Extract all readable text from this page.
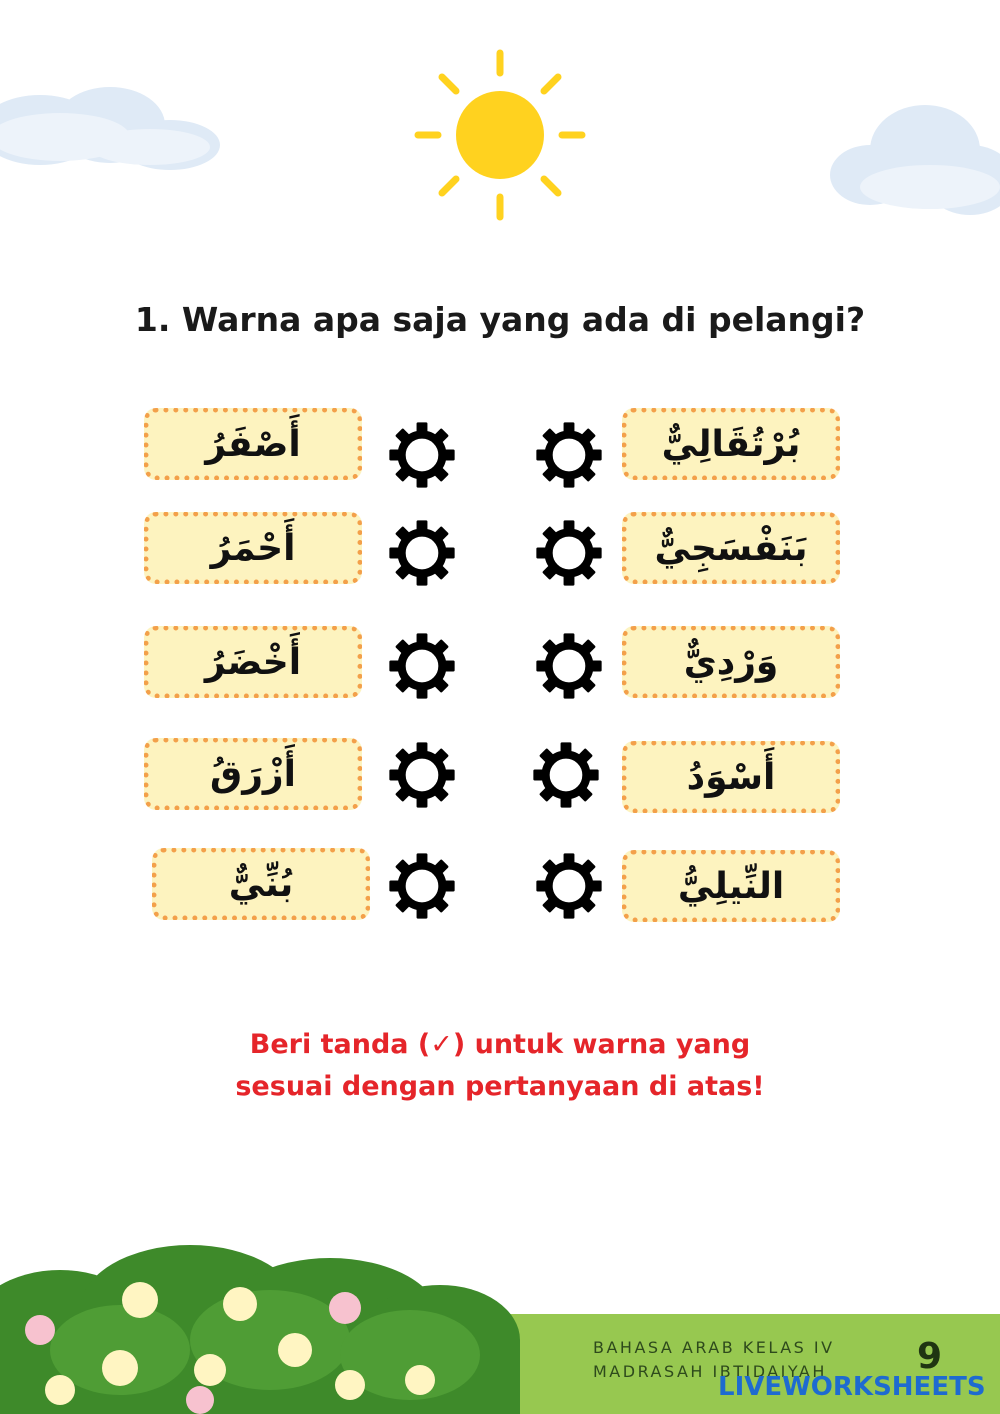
1. Warna apa saja yang ada di pelangi?
أَصْفَرُ
أَحْمَرُ
أَخْضَرُ
أَزْرَقُ
بُنِّيٌّ
بُرْتُقَالِيٌّ
بَنَفْسَجِيٌّ
وَرْدِيٌّ
أَسْوَدُ
النِّيلِيُّ
Beri tanda (✓) untuk warna yang
sesuai dengan pertanyaan di atas!
BAHASA ARAB KELAS IV
MADRASAH IBTIDAIYAH	9
LIVEWORKSHEETS
